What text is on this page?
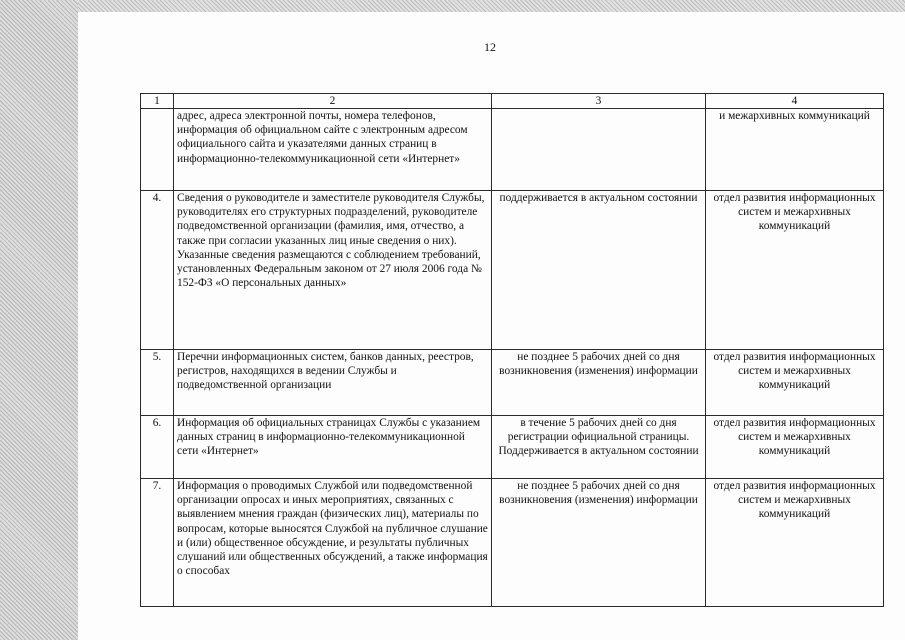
12
1	2	3	4
	адрес, адреса электронной почты, номера телефонов, информация об официальном сайте с электронным адресом официального сайта и указателями данных страниц в информационно-телекоммуникационной сети «Интернет»		и межархивных коммуникаций
4.	Сведения о руководителе и заместителе руководителя Службы, руководителях его структурных подразделений, руководителе подведомственной организации (фамилия, имя, отчество, а также при согласии указанных лиц иные сведения о них).
Указанные сведения размещаются с соблюдением требований, установленных Федеральным законом от 27 июля 2006 года № 152-ФЗ «О персональных данных»	поддерживается в актуальном состоянии	отдел развития информационных систем и межархивных коммуникаций
5.	Перечни информационных систем, банков данных, реестров, регистров, находящихся в ведении Службы и подведомственной организации	не позднее 5 рабочих дней со дня возникновения (изменения) информации	отдел развития информационных систем и межархивных коммуникаций
6.	Информация об официальных страницах Службы с указанием данных страниц в информационно-телекоммуникационной сети «Интернет»	в течение 5 рабочих дней со дня регистрации официальной страницы. Поддерживается в актуальном состоянии	отдел развития информационных систем и межархивных коммуникаций
7.	Информация о проводимых Службой или подведомственной организации опросах и иных мероприятиях, связанных с выявлением мнения граждан (физических лиц), материалы по вопросам, которые выносятся Службой на публичное слушание и (или) общественное обсуждение, и результаты публичных слушаний или общественных обсуждений, а также информация о способах	не позднее 5 рабочих дней со дня возникновения (изменения) информации	отдел развития информационных систем и межархивных коммуникаций
